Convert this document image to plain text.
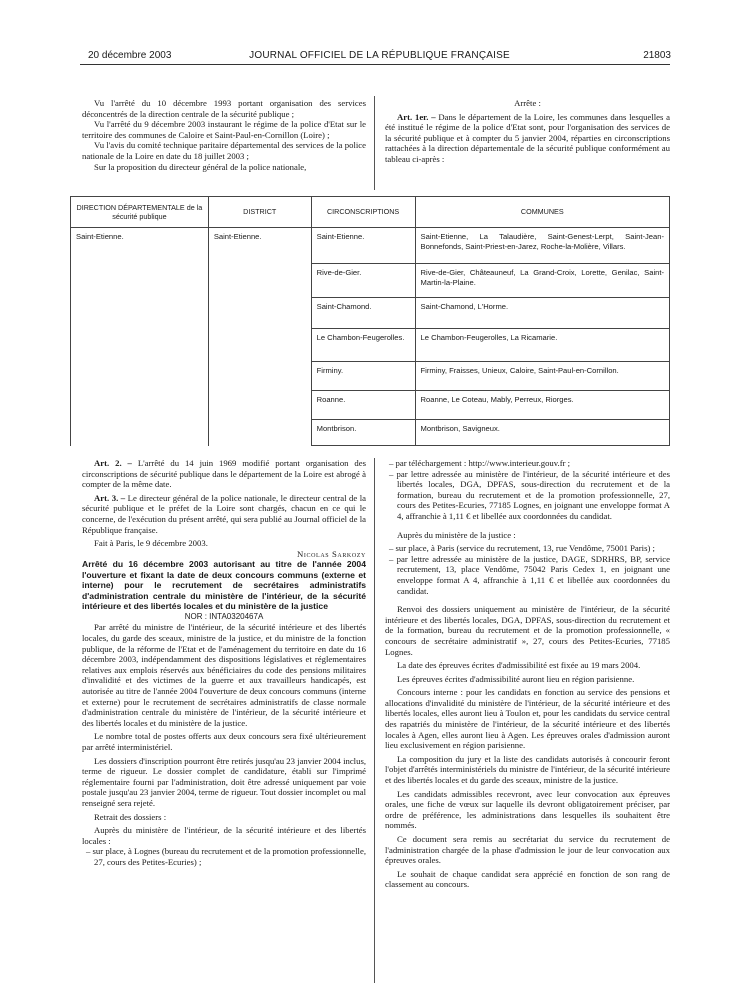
20 décembre 2003	JOURNAL OFFICIEL DE LA RÉPUBLIQUE FRANÇAISE	21803

Vu l'arrêté du 10 décembre 1993 portant organisation des services déconcentrés de la direction centrale de la sécurité publique ;

Vu l'arrêté du 9 décembre 2003 instaurant le régime de la police d'Etat sur le territoire des communes de Caloire et Saint-Paul-en-Cornillon (Loire) ;

Vu l'avis du comité technique paritaire départemental des services de la police nationale de la Loire en date du 18 juillet 2003 ;

Sur la proposition du directeur général de la police nationale,

Arrête :

Art. 1er. – Dans le département de la Loire, les communes dans lesquelles a été institué le régime de la police d'Etat sont, pour l'organisation des services de la sécurité publique et à compter du 5 janvier 2004, réparties en circonscriptions rattachées à la direction départementale de la sécurité publique conformément au tableau ci-après :

DIRECTION DÉPARTEMENTALE de la sécurité publique	DISTRICT	CIRCONSCRIPTIONS	COMMUNES
Saint-Etienne.	Saint-Etienne.	Saint-Etienne.	Saint-Etienne, La Talaudière, Saint-Genest-Lerpt, Saint-Jean-Bonnefonds, Saint-Priest-en-Jarez, Roche-la-Molière, Villars.
		Rive-de-Gier.	Rive-de-Gier, Châteauneuf, La Grand-Croix, Lorette, Genilac, Saint-Martin-la-Plaine.
		Saint-Chamond.	Saint-Chamond, L'Horme.
		Le Chambon-Feugerolles.	Le Chambon-Feugerolles, La Ricamarie.
		Firminy.	Firminy, Fraisses, Unieux, Caloire, Saint-Paul-en-Cornillon.
		Roanne.	Roanne, Le Coteau, Mably, Perreux, Riorges.
		Montbrison.	Montbrison, Savigneux.

Art. 2. – L'arrêté du 14 juin 1969 modifié portant organisation des circonscriptions de sécurité publique dans le département de la Loire est abrogé à compter de la même date.

Art. 3. – Le directeur général de la police nationale, le directeur central de la sécurité publique et le préfet de la Loire sont chargés, chacun en ce qui le concerne, de l'exécution du présent arrêté, qui sera publié au Journal officiel de la République française.

Fait à Paris, le 9 décembre 2003.

Nicolas Sarkozy

Arrêté du 16 décembre 2003 autorisant au titre de l'année 2004 l'ouverture et fixant la date de deux concours communs (externe et interne) pour le recrutement de secrétaires administratifs d'administration centrale du ministère de l'intérieur, de la sécurité intérieure et des libertés locales et du ministère de la justice

NOR : INTA0320467A

Par arrêté du ministre de l'intérieur, de la sécurité intérieure et des libertés locales, du garde des sceaux, ministre de la justice, et du ministre de la fonction publique, de la réforme de l'Etat et de l'aménagement du territoire en date du 16 décembre 2003, indépendamment des dispositions législatives et réglementaires relatives aux emplois réservés aux bénéficiaires du code des pensions militaires d'invalidité et des victimes de la guerre et aux travailleurs handicapés, est autorisée au titre de l'année 2004 l'ouverture de deux concours communs (interne et externe) pour le recrutement de secrétaires administratifs de classe normale d'administration centrale du ministère de l'intérieur, de la sécurité intérieure et des libertés locales et du ministère de la justice.

Le nombre total de postes offerts aux deux concours sera fixé ultérieurement par arrêté interministériel.

Les dossiers d'inscription pourront être retirés jusqu'au 23 janvier 2004 inclus, terme de rigueur. Le dossier complet de candidature, établi sur l'imprimé réglementaire fourni par l'administration, doit être adressé uniquement par voie postale jusqu'au 23 janvier 2004, terme de rigueur. Tout dossier incomplet ou mal renseigné sera rejeté.

Retrait des dossiers :

Auprès du ministère de l'intérieur, de la sécurité intérieure et des libertés locales :

– sur place, à Lognes (bureau du recrutement et de la promotion professionnelle, 27, cours des Petites-Ecuries) ;

– par téléchargement : http://www.interieur.gouv.fr ;

– par lettre adressée au ministère de l'intérieur, de la sécurité intérieure et des libertés locales, DGA, DPFAS, sous-direction du recrutement et de la formation, bureau du recrutement et de la promotion professionnelle, 27, cours des Petites-Ecuries, 77185 Lognes, en joignant une enveloppe format A 4, affranchie à 1,11 € et libellée aux coordonnées du candidat.

Auprès du ministère de la justice :

– sur place, à Paris (service du recrutement, 13, rue Vendôme, 75001 Paris) ;

– par lettre adressée au ministère de la justice, DAGE, SDRHRS, BP, service recrutement, 13, place Vendôme, 75042 Paris Cedex 1, en joignant une enveloppe format A 4, affranchie à 1,11 € et libellée aux coordonnées du candidat.

Renvoi des dossiers uniquement au ministère de l'intérieur, de la sécurité intérieure et des libertés locales, DGA, DPFAS, sous-direction du recrutement et de la formation, bureau du recrutement et de la promotion professionnelle, « concours de secrétaire administratif », 27, cours des Petites-Ecuries, 77185 Lognes.

La date des épreuves écrites d'admissibilité est fixée au 19 mars 2004.

Les épreuves écrites d'admissibilité auront lieu en région parisienne.

Concours interne : pour les candidats en fonction au service des pensions et allocations d'invalidité du ministère de l'intérieur, de la sécurité intérieure et des libertés locales, elles auront lieu à Toulon et, pour les candidats du service central des rapatriés du ministère de l'intérieur, de la sécurité intérieure et des libertés locales à Agen, elles auront lieu à Agen. Les épreuves orales d'admission auront lieu exclusivement en région parisienne.

La composition du jury et la liste des candidats autorisés à concourir feront l'objet d'arrêtés interministériels du ministre de l'intérieur, de la sécurité intérieure et des libertés locales et du garde des sceaux, ministre de la justice.

Les candidats admissibles recevront, avec leur convocation aux épreuves orales, une fiche de vœux sur laquelle ils devront obligatoirement préciser, par ordre de préférence, les administrations dans lesquelles ils souhaitent être nommés.

Ce document sera remis au secrétariat du service du recrutement de l'administration chargée de la phase d'admission le jour de leur convocation aux épreuves orales.

Le souhait de chaque candidat sera apprécié en fonction de son rang de classement au concours.
